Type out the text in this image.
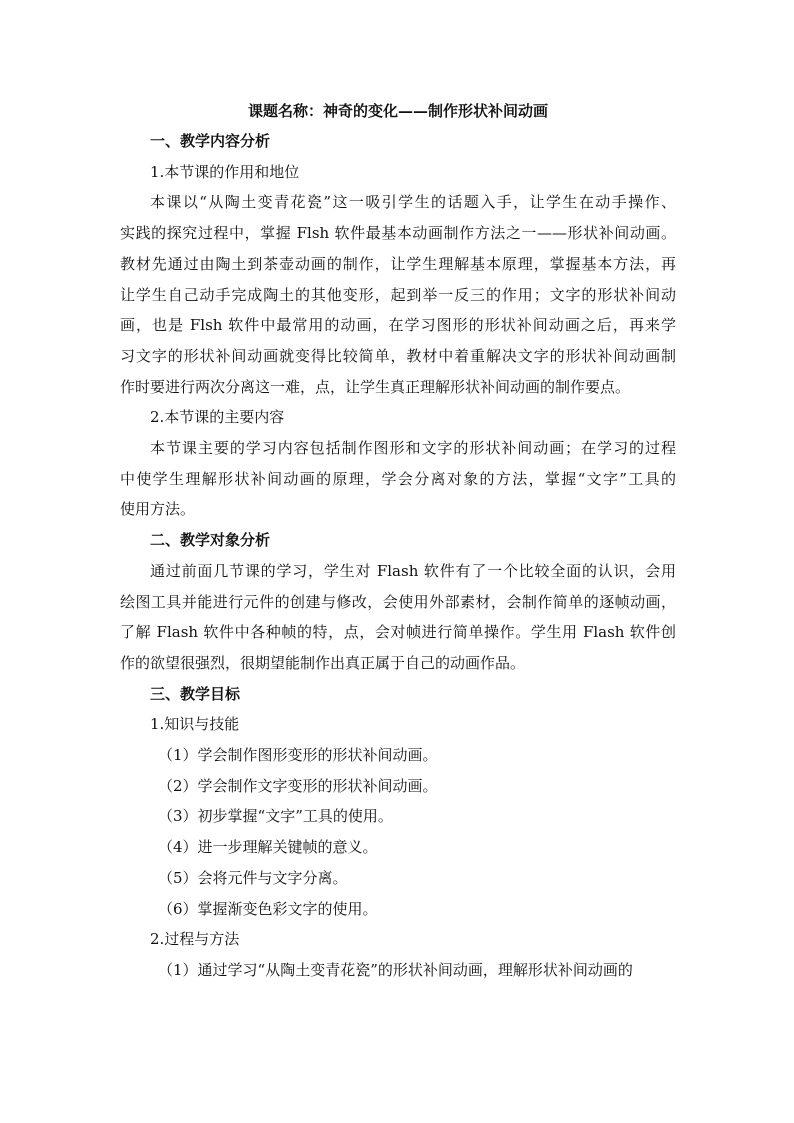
课题名称：神奇的变化——制作形状补间动画

一、教学内容分析

1.本节课的作用和地位

本课以“从陶土变青花瓷”这一吸引学生的话题入手，让学生在动手操作、

实践的探究过程中，掌握 Flsh 软件最基本动画制作方法之一——形状补间动画。

教材先通过由陶土到茶壶动画的制作，让学生理解基本原理，掌握基本方法，再

让学生自己动手完成陶土的其他变形，起到举一反三的作用；文字的形状补间动

画，也是 Flsh 软件中最常用的动画，在学习图形的形状补间动画之后，再来学

习文字的形状补间动画就变得比较简单，教材中着重解决文字的形状补间动画制

作时要进行两次分离这一难，点，让学生真正理解形状补间动画的制作要点。

2.本节课的主要内容

本节课主要的学习内容包括制作图形和文字的形状补间动画；在学习的过程

中使学生理解形状补间动画的原理，学会分离对象的方法，掌握“文字”工具的

使用方法。

二、教学对象分析

通过前面几节课的学习，学生对 Flash 软件有了一个比较全面的认识，会用

绘图工具并能进行元件的创建与修改，会使用外部素材，会制作简单的逐帧动画，

了解 Flash 软件中各种帧的特，点，会对帧进行简单操作。学生用 Flash 软件创

作的欲望很强烈，很期望能制作出真正属于自己的动画作品。

三、教学目标

1.知识与技能

（1）学会制作图形变形的形状补间动画。

（2）学会制作文字变形的形状补间动画。

（3）初步掌握“文字”工具的使用。

（4）进一步理解关键帧的意义。

（5）会将元件与文字分离。

（6）掌握渐变色彩文字的使用。

2.过程与方法

（1）通过学习“从陶土变青花瓷”的形状补间动画，理解形状补间动画的
